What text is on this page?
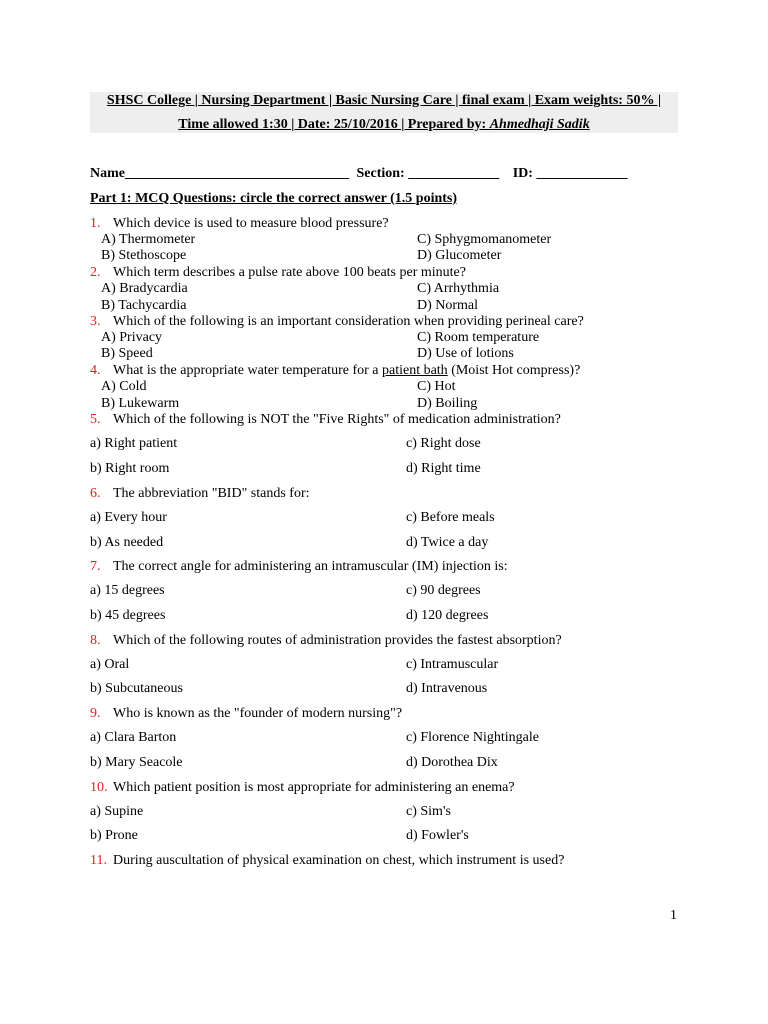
SHSC College | Nursing Department | Basic Nursing Care | final exam | Exam weights: 50% |
Time allowed 1:30 | Date: 25/10/2016 | Prepared by: Ahmedhaji Sadik
Name________________________________ Section: _____________ ID: _____________
Part 1: MCQ Questions: circle the correct answer (1.5 points)
1. Which device is used to measure blood pressure?
A) Thermometer	C) Sphygmomanometer
B) Stethoscope	D) Glucometer
2. Which term describes a pulse rate above 100 beats per minute?
A) Bradycardia	C) Arrhythmia
B) Tachycardia	D) Normal
3. Which of the following is an important consideration when providing perineal care?
A) Privacy	C) Room temperature
B) Speed	D) Use of lotions
4. What is the appropriate water temperature for a patient bath (Moist Hot compress)?
A) Cold	C) Hot
B) Lukewarm	D) Boiling
5. Which of the following is NOT the "Five Rights" of medication administration?
a) Right patient	c) Right dose
b) Right room	d) Right time
6. The abbreviation "BID" stands for:
a) Every hour	c) Before meals
b) As needed	d) Twice a day
7. The correct angle for administering an intramuscular (IM) injection is:
a) 15 degrees	c) 90 degrees
b) 45 degrees	d) 120 degrees
8. Which of the following routes of administration provides the fastest absorption?
a) Oral	c) Intramuscular
b) Subcutaneous	d) Intravenous
9. Who is known as the "founder of modern nursing"?
a) Clara Barton	c) Florence Nightingale
b) Mary Seacole	d) Dorothea Dix
10. Which patient position is most appropriate for administering an enema?
a) Supine	c) Sim's
b) Prone	d) Fowler's
11. During auscultation of physical examination on chest, which instrument is used?
1
